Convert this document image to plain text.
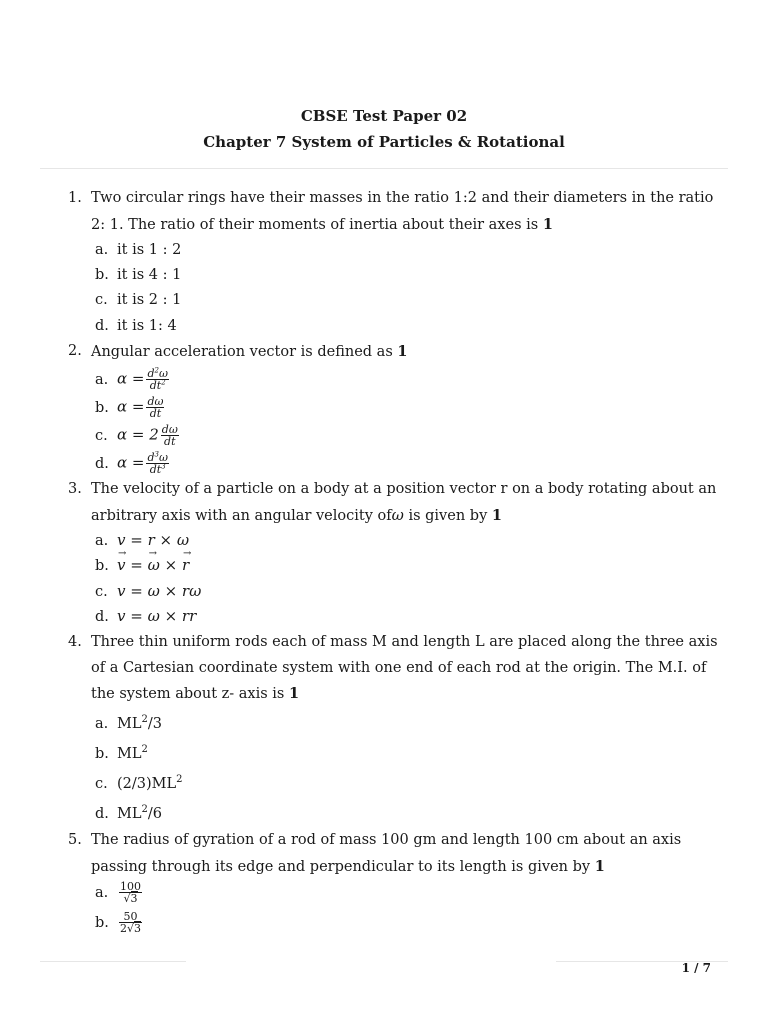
CBSE Test Paper 02
Chapter 7 System of Particles & Rotational
1. Two circular rings have their masses in the ratio 1:2 and their diameters in the ratio 2: 1. The ratio of their moments of inertia about their axes is 1
a. it is 1 : 2
b. it is 4 : 1
c. it is 2 : 1
d. it is 1: 4
2. Angular acceleration vector is defined as 1
a. $\alpha = \frac{d^2\omega}{dt^2}$
b. $\alpha = \frac{d\omega}{dt}$
c. $\alpha = 2 \frac{d\omega}{dt}$
d. $\alpha = \frac{d^3\omega}{dt^3}$
3. The velocity of a particle on a body at a position vector r on a body rotating about an arbitrary axis with an angular velocity ofω is given by 1
a. v = r × ω
b. → v = → ω × → r
c. v = ω × rω
d. v = ω × rr
4. Three thin uniform rods each of mass M and length L are placed along the three axis of a Cartesian coordinate system with one end of each rod at the origin. The M.I. of the system about z- axis is 1
a. $ML^2/3$
b. $ML^2$
c. $(2/3)ML^2$
d. $ML^2/6$
5. The radius of gyration of a rod of mass 100 gm and length 100 cm about an axis passing through its edge and perpendicular to its length is given by 1
a. $\frac{100}{√3}$
b. $\frac{50}{2√3}$
1 / 7
